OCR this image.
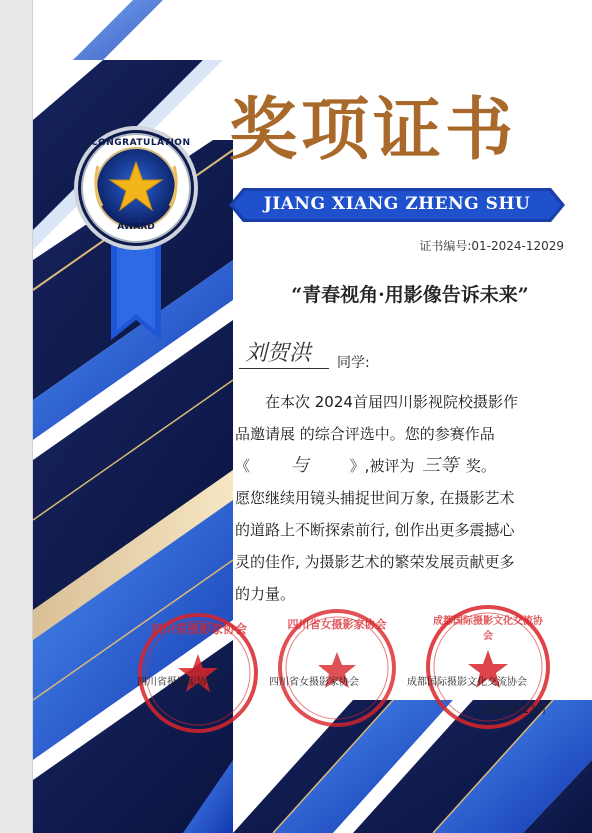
CONGRATULATION
AWARD
奖项证书
JIANG XIANG ZHENG SHU
证书编号:01-2024-12029
“青春视角·用影像告诉未来”
刘贺洪 同学:

在本次 2024首届四川影视院校摄影作

品邀请展 的综合评选中。您的参赛作品

《 与	》,被评为 三等 奖。

愿您继续用镜头捕捉世间万象, 在摄影艺术

的道路上不断探索前行, 创作出更多震撼心

灵的佳作, 为摄影艺术的繁荣发展贡献更多

的力量。

四川省摄影家协会	四川省女摄影家协会	成都国际摄影文化交流协会
四川省摄影家协会	四川省女摄影家协会	成都国际摄影文化交流协会
2024年12月
